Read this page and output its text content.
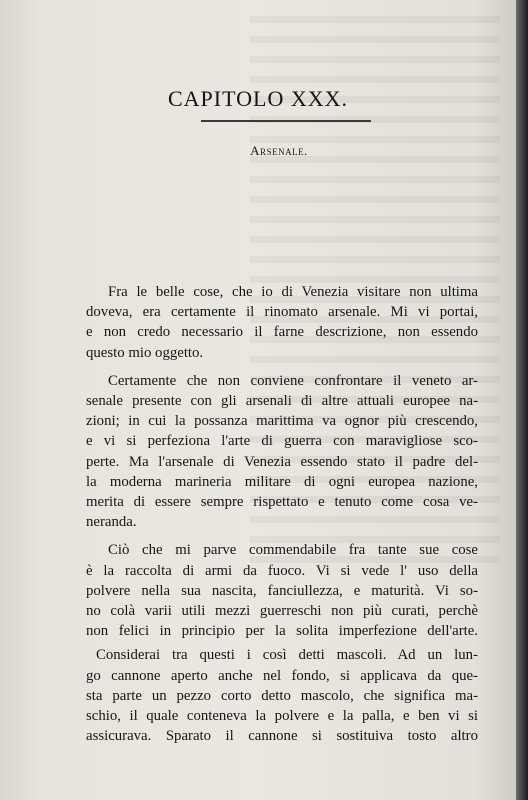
CAPITOLO XXX.
Arsenale.
Fra le belle cose, che io di Venezia visitare non ultima
doveva, era certamente il rinomato arsenale. Mi vi portai,
e non credo necessario il farne descrizione, non essendo
questo mio oggetto.
Certamente che non conviene confrontare il veneto ar-
senale presente con gli arsenali di altre attuali europee na-
zioni; in cui la possanza marittima va ognor più crescendo,
e vi si perfeziona l'arte di guerra con maravigliose sco-
perte. Ma l'arsenale di Venezia essendo stato il padre del-
la moderna marineria militare di ogni europea nazione,
merita di essere sempre rispettato e tenuto come cosa ve-
neranda.
Ciò che mi parve commendabile fra tante sue cose
è la raccolta di armi da fuoco. Vi si vede l' uso della
polvere nella sua nascita, fanciullezza, e maturità. Vi so-
no colà varii utili mezzi guerreschi non più curati, perchè
non felici in principio per la solita imperfezione dell'arte.
Considerai tra questi i così detti mascoli. Ad un lun-
go cannone aperto anche nel fondo, si applicava da que-
sta parte un pezzo corto detto mascolo, che significa ma-
schio, il quale conteneva la polvere e la palla, e ben vi si
assicurava. Sparato il cannone si sostituiva tosto altro
